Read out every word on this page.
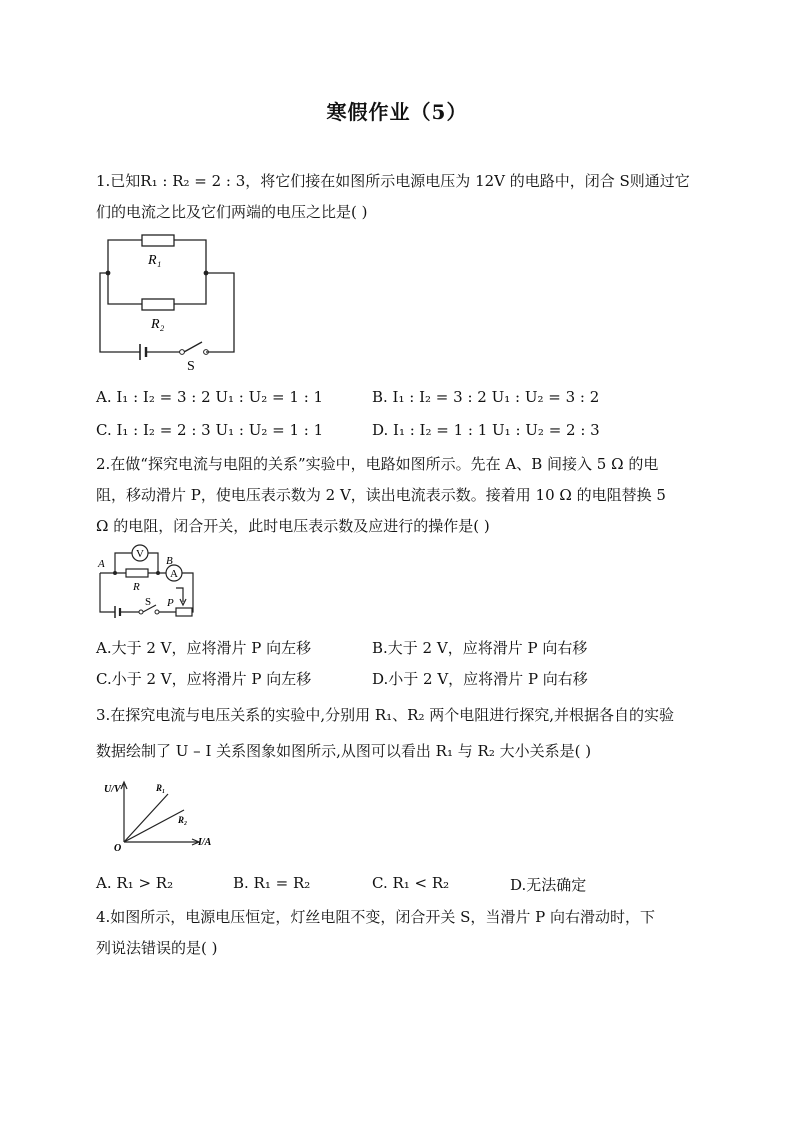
寒假作业（5）
1.已知R₁ : R₂ = 2 : 3，将它们接在如图所示电源电压为 12V 的电路中，闭合 S则通过它
们的电流之比及它们两端的电压之比是( )
R₁
R₂
S
A. I₁ : I₂ = 3 : 2 U₁ : U₂ = 1 : 1	B. I₁ : I₂ = 3 : 2 U₁ : U₂ = 3 : 2
C. I₁ : I₂ = 2 : 3 U₁ : U₂ = 1 : 1	D. I₁ : I₂ = 1 : 1 U₁ : U₂ = 2 : 3
2.在做“探究电流与电阻的关系”实验中，电路如图所示。先在 A、B 间接入 5 Ω 的电
阻，移动滑片 P，使电压表示数为 2 V，读出电流表示数。接着用 10 Ω 的电阻替换 5
Ω 的电阻，闭合开关，此时电压表示数及应进行的操作是( )
V
A
A	B
R
S P
A.大于 2 V，应将滑片 P 向左移	B.大于 2 V，应将滑片 P 向右移
C.小于 2 V，应将滑片 P 向左移	D.小于 2 V，应将滑片 P 向右移
3.在探究电流与电压关系的实验中,分别用 R₁、R₂ 两个电阻进行探究,并根据各自的实验
数据绘制了 U – I 关系图象如图所示,从图可以看出 R₁ 与 R₂ 大小关系是( )
U/V
I/A
O
R₁
R₂
A. R₁ > R₂	B. R₁ = R₂	C. R₁ < R₂	D.无法确定
4.如图所示，电源电压恒定，灯丝电阻不变，闭合开关 S，当滑片 P 向右滑动时，下
列说法错误的是( )
